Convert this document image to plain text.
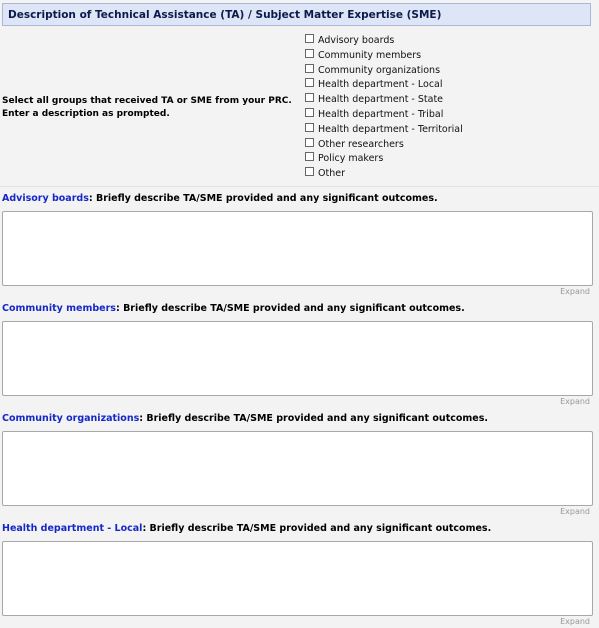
Description of Technical Assistance (TA) / Subject Matter Expertise (SME)
Select all groups that received TA or SME from your PRC.
Enter a description as prompted.
Advisory boards
Community members
Community organizations
Health department - Local
Health department - State
Health department - Tribal
Health department - Territorial
Other researchers
Policy makers
Other
Advisory boards: Briefly describe TA/SME provided and any significant outcomes.
Expand
Community members: Briefly describe TA/SME provided and any significant outcomes.
Expand
Community organizations: Briefly describe TA/SME provided and any significant outcomes.
Expand
Health department - Local: Briefly describe TA/SME provided and any significant outcomes.
Expand
